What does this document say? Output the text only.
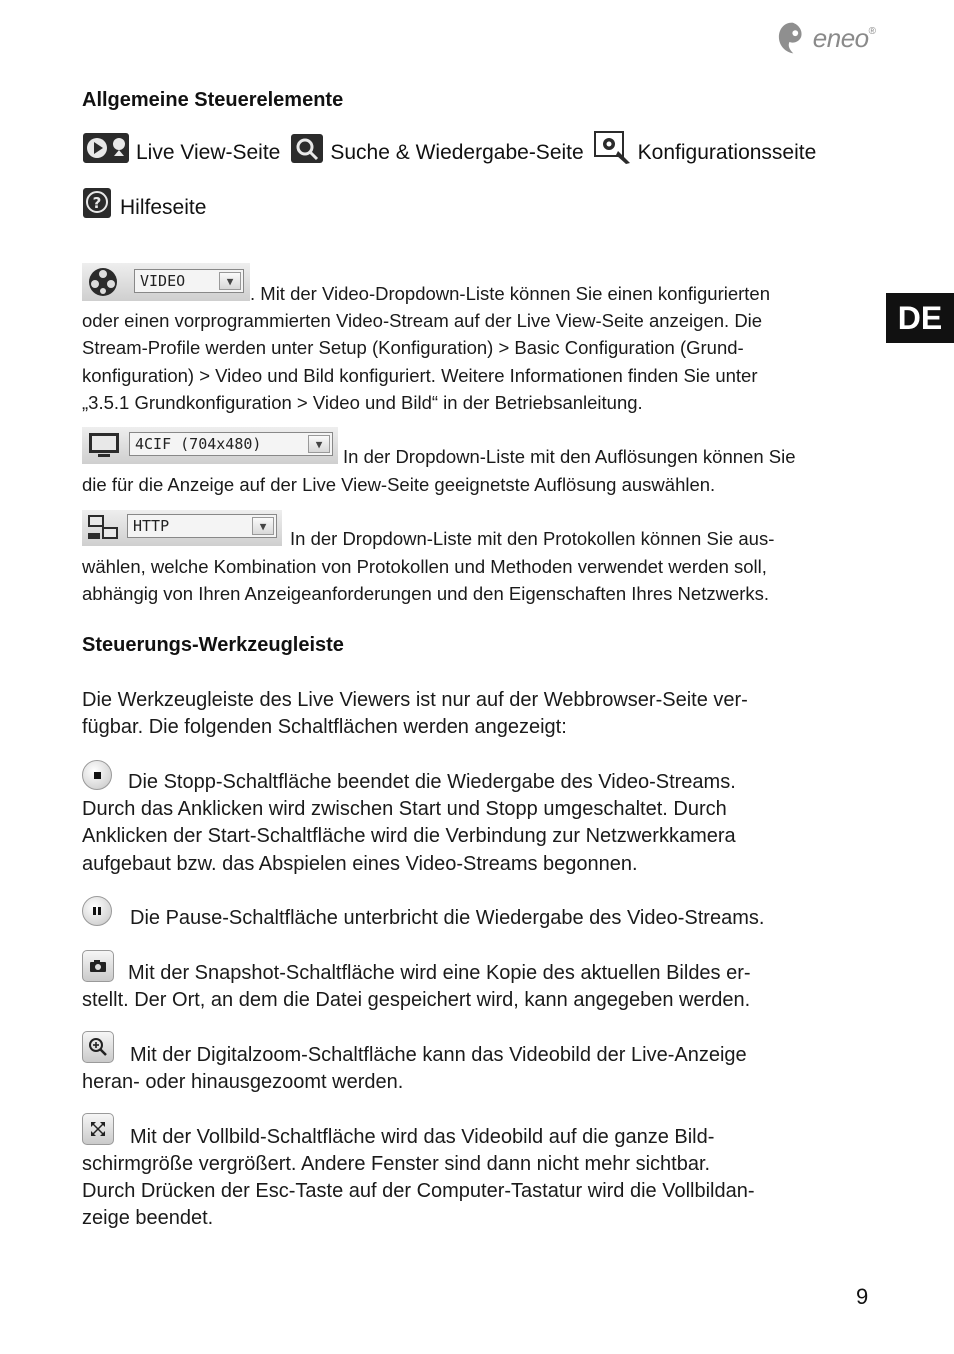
eneo ®
DE
Allgemeine Steuerelemente
Live View-Seite Suche & Wiedergabe-Seite	Konfigurationsseite
? Hilfeseite
VIDEO	▼
. Mit der Video-Dropdown-Liste können Sie einen konfigurierten
oder einen vorprogrammierten Video-Stream auf der Live View-Seite anzeigen. Die
Stream-Profile werden unter Setup (Konfiguration) > Basic Configuration (Grund-
konfiguration) > Video und Bild konfiguriert. Weitere Informationen finden Sie unter
„3.5.1 Grundkonfiguration > Video und Bild“ in der Betriebsanleitung.
4CIF (704x480)	▼
In der Dropdown-Liste mit den Auflösungen können Sie
die für die Anzeige auf der Live View-Seite geeignetste Auflösung auswählen.
HTTP	▼
In der Dropdown-Liste mit den Protokollen können Sie aus-
wählen, welche Kombination von Protokollen und Methoden verwendet werden soll,
abhängig von Ihren Anzeigeanforderungen und den Eigenschaften Ihres Netzwerks.
Steuerungs-Werkzeugleiste
Die Werkzeugleiste des Live Viewers ist nur auf der Webbrowser-Seite ver-
fügbar. Die folgenden Schaltflächen werden angezeigt:
Die Stopp-Schaltfläche beendet die Wiedergabe des Video-Streams.
Durch das Anklicken wird zwischen Start und Stopp umgeschaltet. Durch
Anklicken der Start-Schaltfläche wird die Verbindung zur Netzwerkkamera
aufgebaut bzw. das Abspielen eines Video-Streams begonnen.
Die Pause-Schaltfläche unterbricht die Wiedergabe des Video-Streams.
Mit der Snapshot-Schaltfläche wird eine Kopie des aktuellen Bildes er-
stellt. Der Ort, an dem die Datei gespeichert wird, kann angegeben werden.
Mit der Digitalzoom-Schaltfläche kann das Videobild der Live-Anzeige
heran- oder hinausgezoomt werden.
Mit der Vollbild-Schaltfläche wird das Videobild auf die ganze Bild-
schirmgröße vergrößert. Andere Fenster sind dann nicht mehr sichtbar.
Durch Drücken der Esc-Taste auf der Computer-Tastatur wird die Vollbildan-
zeige beendet.
9
